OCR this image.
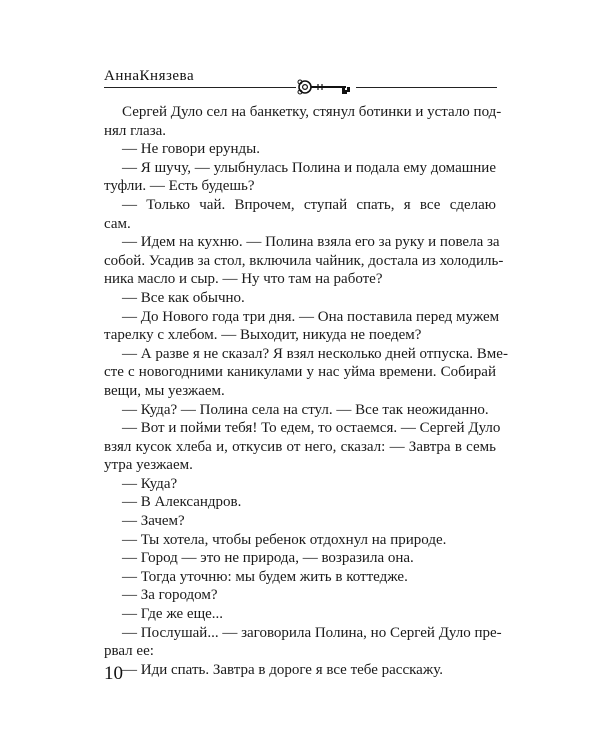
АннаКнязева
Сергей Дуло сел на банкетку, стянул ботинки и устало под-
нял глаза.
— Не говори ерунды.
— Я шучу, — улыбнулась Полина и подала ему домашние
туфли. — Есть будешь?
— Только чай. Впрочем, ступай спать, я все сделаю
сам.
— Идем на кухню. — Полина взяла его за руку и повела за
собой. Усадив за стол, включила чайник, достала из холодиль-
ника масло и сыр. — Ну что там на работе?
— Все как обычно.
— До Нового года три дня. — Она поставила перед мужем
тарелку с хлебом. — Выходит, никуда не поедем?
— А разве я не сказал? Я взял несколько дней отпуска. Вме-
сте с новогодними каникулами у нас уйма времени. Собирай
вещи, мы уезжаем.
— Куда? — Полина села на стул. — Все так неожиданно.
— Вот и пойми тебя! То едем, то остаемся. — Сергей Дуло
взял кусок хлеба и, откусив от него, сказал: — Завтра в семь
утра уезжаем.
— Куда?
— В Александров.
— Зачем?
— Ты хотела, чтобы ребенок отдохнул на природе.
— Город — это не природа, — возразила она.
— Тогда уточню: мы будем жить в коттедже.
— За городом?
— Где же еще...
— Послушай... — заговорила Полина, но Сергей Дуло пре-
рвал ее:
— Иди спать. Завтра в дороге я все тебе расскажу.
10
